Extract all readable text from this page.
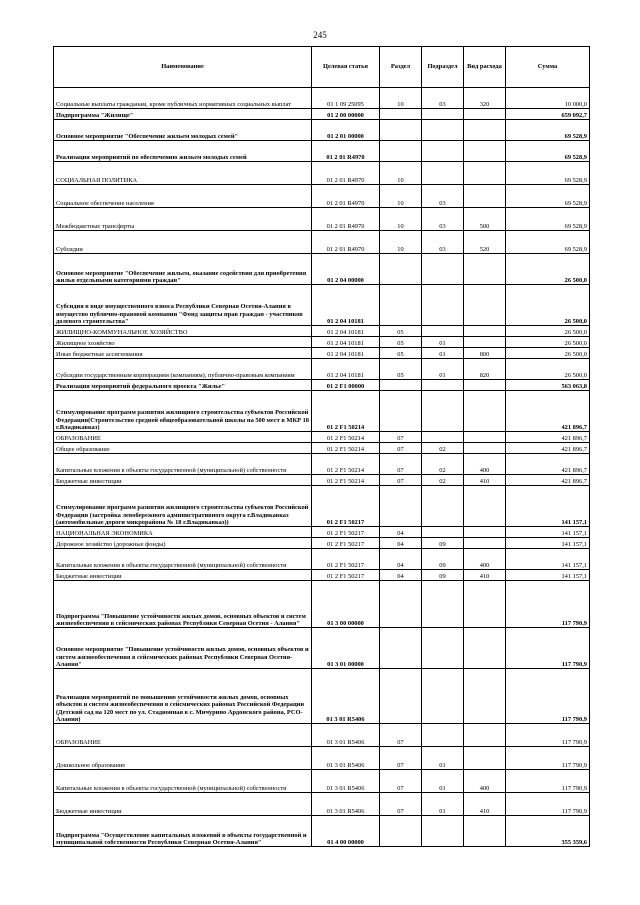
245
Наименование	Целевая статья	Раздел	Подраздел	Вид расхода	Сумма
Социальные выплаты гражданам, кроме публичных нормативных социальных выплат	01 1 09 25095	10	03	320	10 000,0
Подпрограмма "Жилище"	01 2 00 00000				659 092,7
Основное мероприятие "Обеспечение жильем молодых семей"	01 2 01 00000				69 528,9
Реализация мероприятий по обеспечению жильем молодых семей	01 2 01 R4970				69 528,9
СОЦИАЛЬНАЯ ПОЛИТИКА	01 2 01 R4970	10			69 528,9
Социальное обеспечение населения	01 2 01 R4970	10	03		69 528,9
Межбюджетные трансферты	01 2 01 R4970	10	03	500	69 528,9
Субсидии	01 2 01 R4970	10	03	520	69 528,9
Основное мероприятие "Обеспечение жильем, оказание содействия для приобретения жилья отдельными категориями граждан"	01 2 04 00000				26 500,0
Субсидия в виде имущественного взноса Республики Северная Осетия-Алания в имущество публично-правовой компании "Фонд защиты прав граждан - участников долевого строительства"	01 2 04 10181				26 500,0
ЖИЛИЩНО-КОММУНАЛЬНОЕ ХОЗЯЙСТВО	01 2 04 10181	05			26 500,0
Жилищное хозяйство	01 2 04 10181	05	01		26 500,0
Иные бюджетные ассигнования	01 2 04 10181	05	01	800	26 500,0
Субсидии государственным корпорациям (компаниям), публично-правовым компаниям	01 2 04 10181	05	01	820	26 500,0
Реализация мероприятий федерального проекта "Жилье"	01 2 F1 00000				563 063,8
Стимулирование программ развития жилищного строительства субъектов Российской Федерации(Строительство средней общеобразовательной школы на 500 мест в МКР 18 г.Владикавказ)	01 2 F1 50214				421 896,7
ОБРАЗОВАНИЕ	01 2 F1 50214	07			421 896,7
Общее образование	01 2 F1 50214	07	02		421 896,7
Капитальные вложения в объекты государственной (муниципальной) собственности	01 2 F1 50214	07	02	400	421 896,7
Бюджетные инвестиции	01 2 F1 50214	07	02	410	421 896,7
Стимулирование программ развития жилищного строительства субъектов Российской Федерации (застройка левобережного административного округа г.Владикавказ (автомобильные дороги микрорайона № 18 г.Владикавказ))	01 2 F1 50217				141 157,1
НАЦИОНАЛЬНАЯ ЭКОНОМИКА	01 2 F1 50217	04			141 157,1
Дорожное хозяйство (дорожные фонды)	01 2 F1 50217	04	09		141 157,1
Капитальные вложения в объекты государственной (муниципальной) собственности	01 2 F1 50217	04	09	400	141 157,1
Бюджетные инвестиции	01 2 F1 50217	04	09	410	141 157,1
Подпрограмма "Повышение устойчивости жилых домов, основных объектов и систем жизнеобеспечения в сейсмических районах Республики Северная Осетия - Алания"	01 3 00 00000				117 790,9
Основное мероприятие "Повышение устойчивости жилых домов, основных объектов и систем жизнеобеспечения в сейсмических районах Республики Северная Осетия-Алания"	01 3 01 00000				117 790,9
Реализация мероприятий по повышению устойчивости жилых домов, основных объектов и систем жизнеобеспечения в сейсмических районах Российской Федерации (Детский сад на 120 мест по ул. Стадионная в с. Мичурино Ардонского района, РСО-Алания)	01 3 01 R5406				117 790,9
ОБРАЗОВАНИЕ	01 3 01 R5406	07			117 790,9
Дошкольное образование	01 3 01 R5406	07	01		117 790,9
Капитальные вложения в объекты государственной (муниципальной) собственности	01 3 01 R5406	07	01	400	117 790,9
Бюджетные инвестиции	01 3 01 R5406	07	01	410	117 790,9
Подпрограмма "Осуществление капитальных вложений в объекты государственной и муниципальной собственности Республики Северная Осетия-Алания"	01 4 00 00000				355 359,6
